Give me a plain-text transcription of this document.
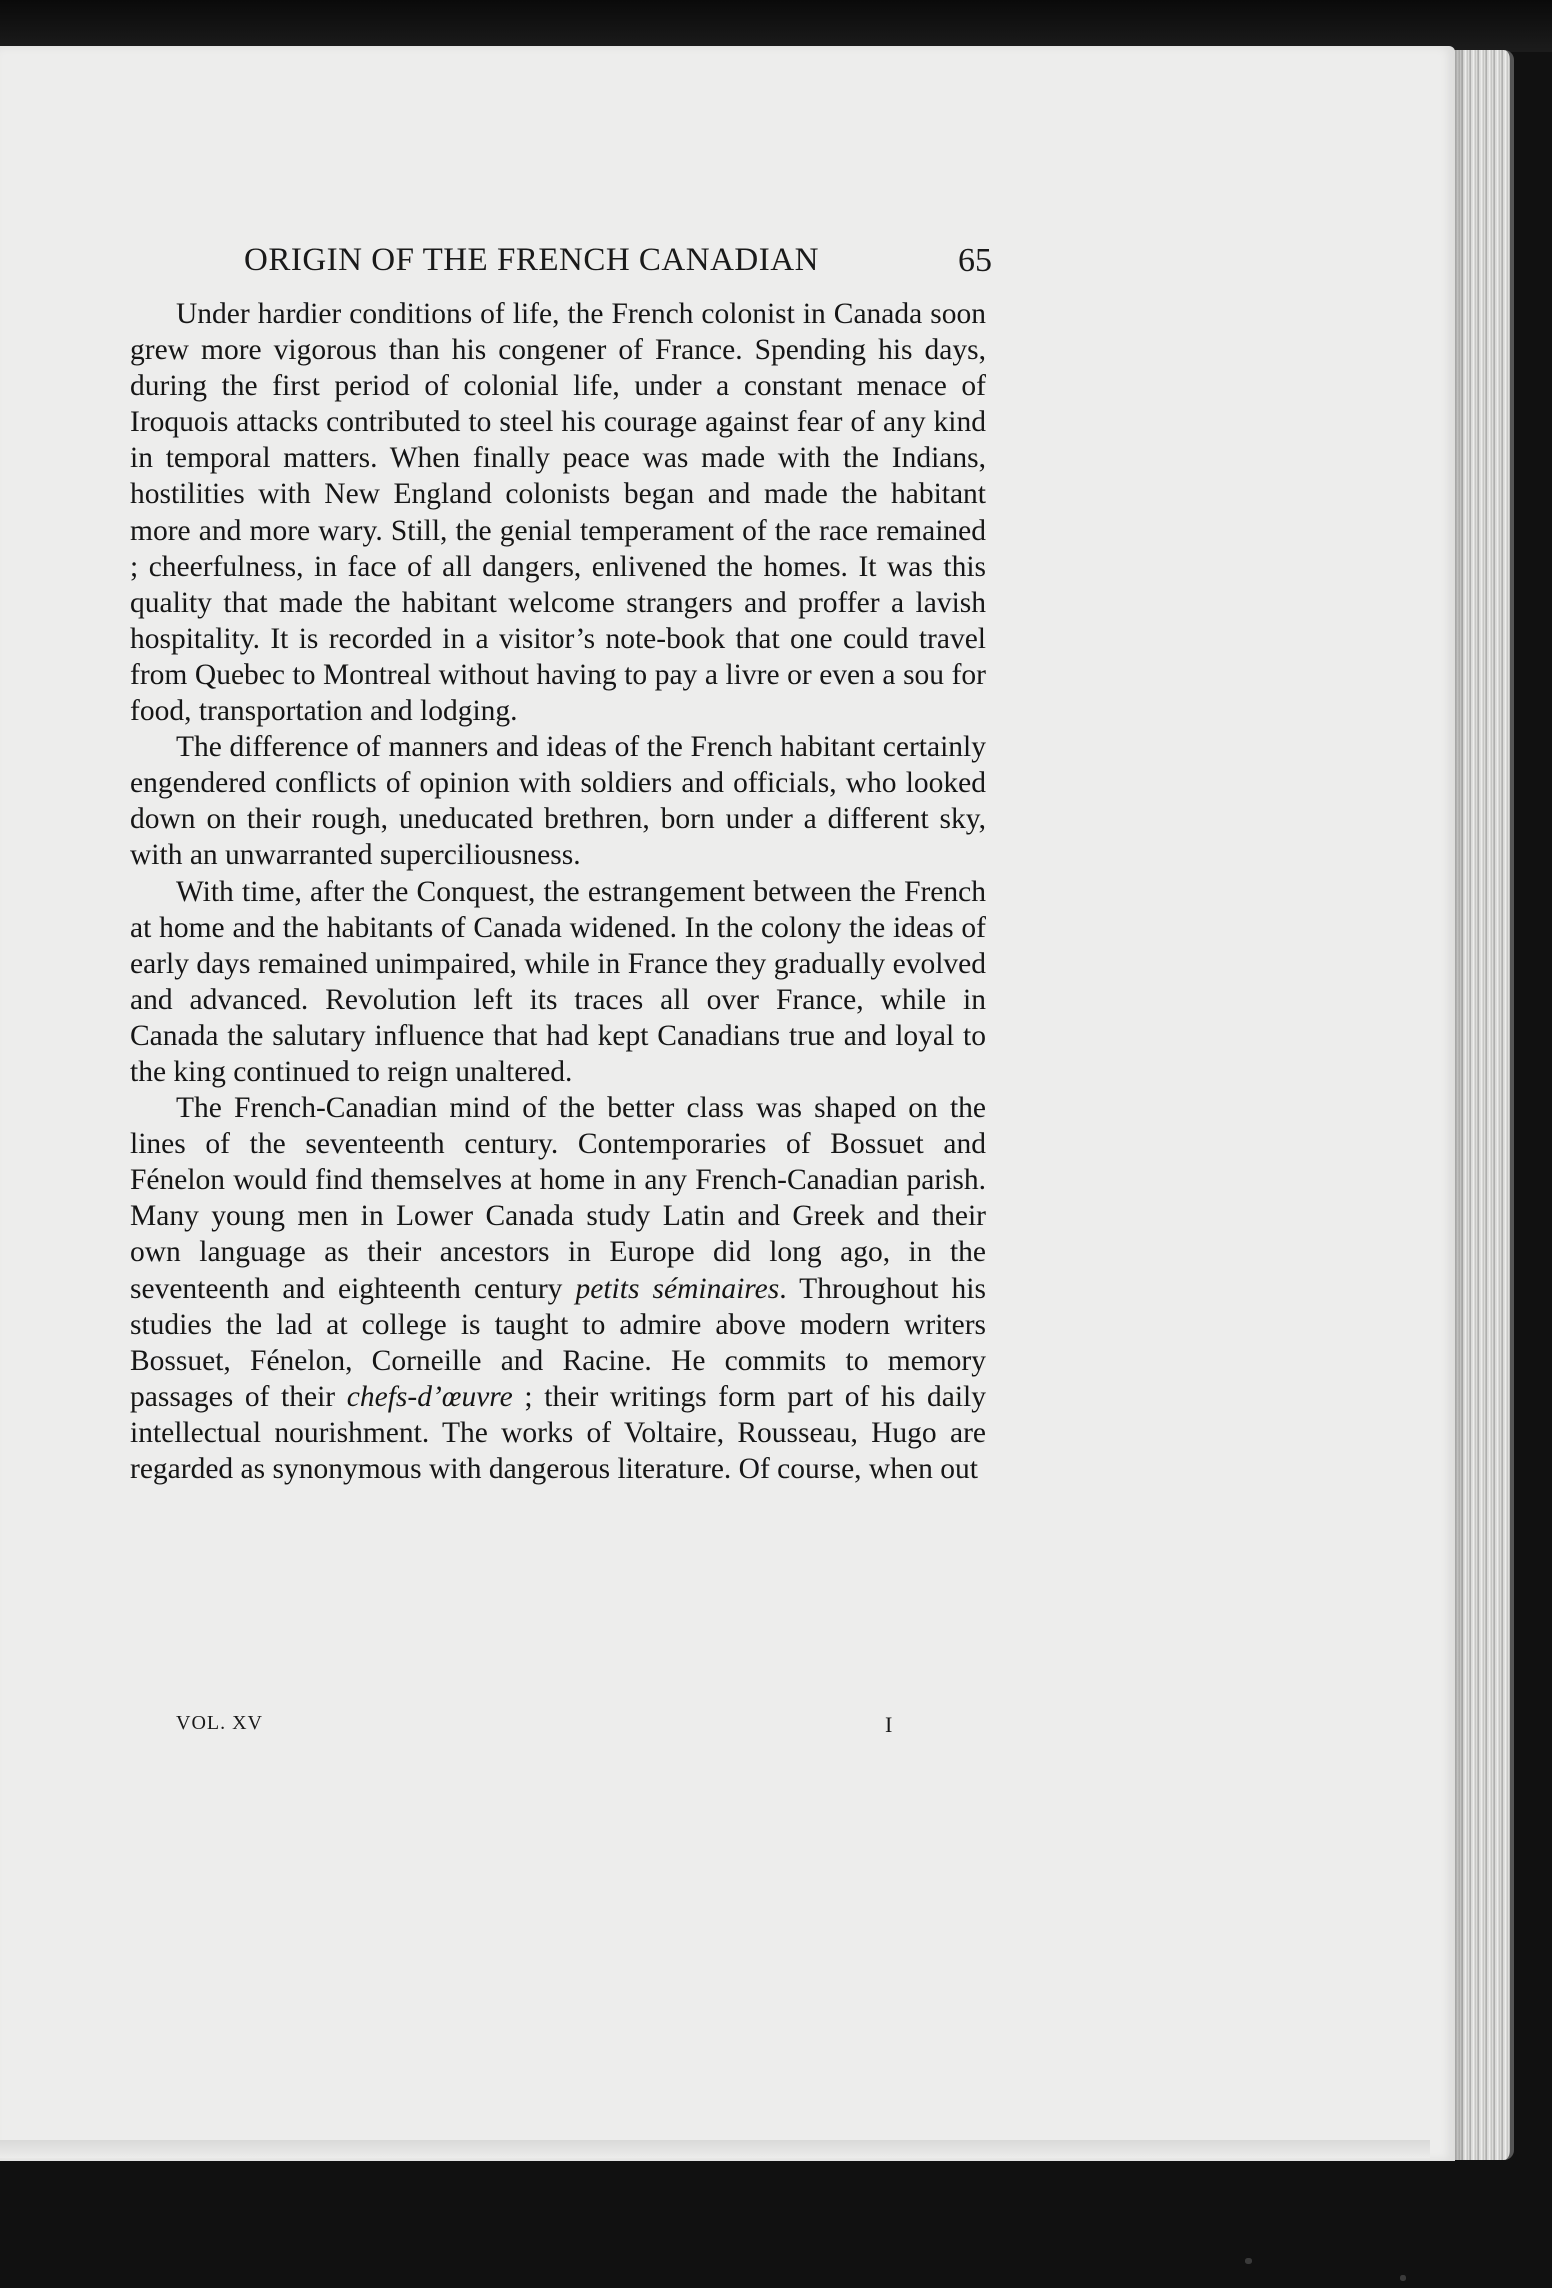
ORIGIN OF THE FRENCH CANADIAN	65

Under hardier conditions of life, the French colonist in Canada soon grew more vigorous than his congener of France. Spending his days, during the first period of colonial life, under a constant menace of Iroquois attacks contributed to steel his courage against fear of any kind in temporal matters. When finally peace was made with the Indians, hostilities with New England colonists began and made the habitant more and more wary. Still, the genial temperament of the race remained ; cheerfulness, in face of all dangers, enlivened the homes. It was this quality that made the habitant welcome strangers and proffer a lavish hospitality. It is recorded in a visitor’s note-book that one could travel from Quebec to Montreal without having to pay a livre or even a sou for food, transportation and lodging.

The difference of manners and ideas of the French habitant certainly engendered conflicts of opinion with soldiers and officials, who looked down on their rough, uneducated brethren, born under a different sky, with an unwarranted superciliousness.

With time, after the Conquest, the estrangement between the French at home and the habitants of Canada widened. In the colony the ideas of early days remained unimpaired, while in France they gradually evolved and advanced. Revolution left its traces all over France, while in Canada the salutary influence that had kept Canadians true and loyal to the king continued to reign unaltered.

The French-Canadian mind of the better class was shaped on the lines of the seventeenth century. Contemporaries of Bossuet and Fénelon would find themselves at home in any French-Canadian parish. Many young men in Lower Canada study Latin and Greek and their own language as their ancestors in Europe did long ago, in the seventeenth and eighteenth century petits séminaires. Throughout his studies the lad at college is taught to admire above modern writers Bossuet, Fénelon, Corneille and Racine. He commits to memory passages of their chefs-d’œuvre ; their writings form part of his daily intellectual nourishment. The works of Voltaire, Rousseau, Hugo are regarded as synonymous with dangerous literature. Of course, when out

VOL. XV	I
